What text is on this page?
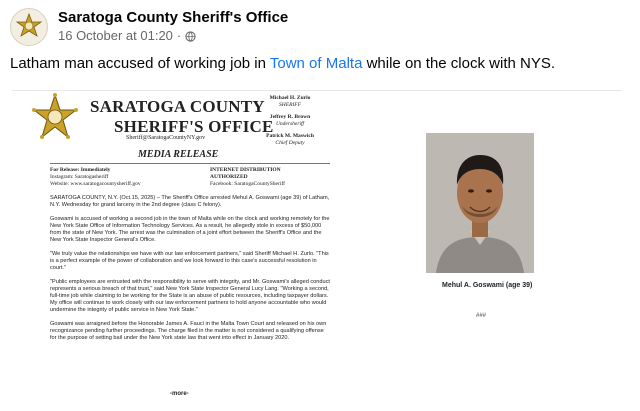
Saratoga County Sheriff's Office
16 October at 01:20 ·
Latham man accused of working job in Town of Malta while on the clock with NYS.
SARATOGA COUNTY
SHERIFF'S OFFICE
Sheriff@SaratogaCountyNY.gov
Michael H. Zurlo
SHERIFF
Jeffrey R. Brown
Undersheriff
Patrick M. Maswich
Chief Deputy
MEDIA RELEASE
For Release: Immediately
Instagram: Saratogasheriff
Website: www.saratogacountysheriff.gov
INTERNET DISTRIBUTION AUTHORIZED
Facebook: SaratogaCountySheriff

SARATOGA COUNTY, N.Y. (Oct.15, 2025) – The Sheriff's Office arrested Mehul A. Goswami (age 39) of Latham, N.Y. Wednesday for grand larceny in the 2nd degree (class C felony).

Goswami is accused of working a second job in the town of Malta while on the clock and working remotely for the New York State Office of Information Technology Services. As a result, he allegedly stole in excess of $50,000 from the state of New York. The arrest was the culmination of a joint effort between the Sheriff's Office and the New York State Inspector General's Office.

"We truly value the relationships we have with our law enforcement partners," said Sheriff Michael H. Zurlo. "This is a perfect example of the power of collaboration and we look forward to this case's successful resolution in court."

"Public employees are entrusted with the responsibility to serve with integrity, and Mr. Goswami's alleged conduct represents a serious breach of that trust," said New York State Inspector General Lucy Lang. "Working a second, full-time job while claiming to be working for the State is an abuse of public resources, including taxpayer dollars. My office will continue to work closely with our law enforcement partners to hold anyone accountable who would undermine the integrity of public service in New York State."

Goswami was arraigned before the Honorable James A. Fauci in the Malta Town Court and released on his own recognizance pending further proceedings. The charge filed in the matter is not considered a qualifying offense for the purpose of setting bail under the New York state law that went into effect in January 2020.

-more-
Mehul A. Goswami (age 39)
###
